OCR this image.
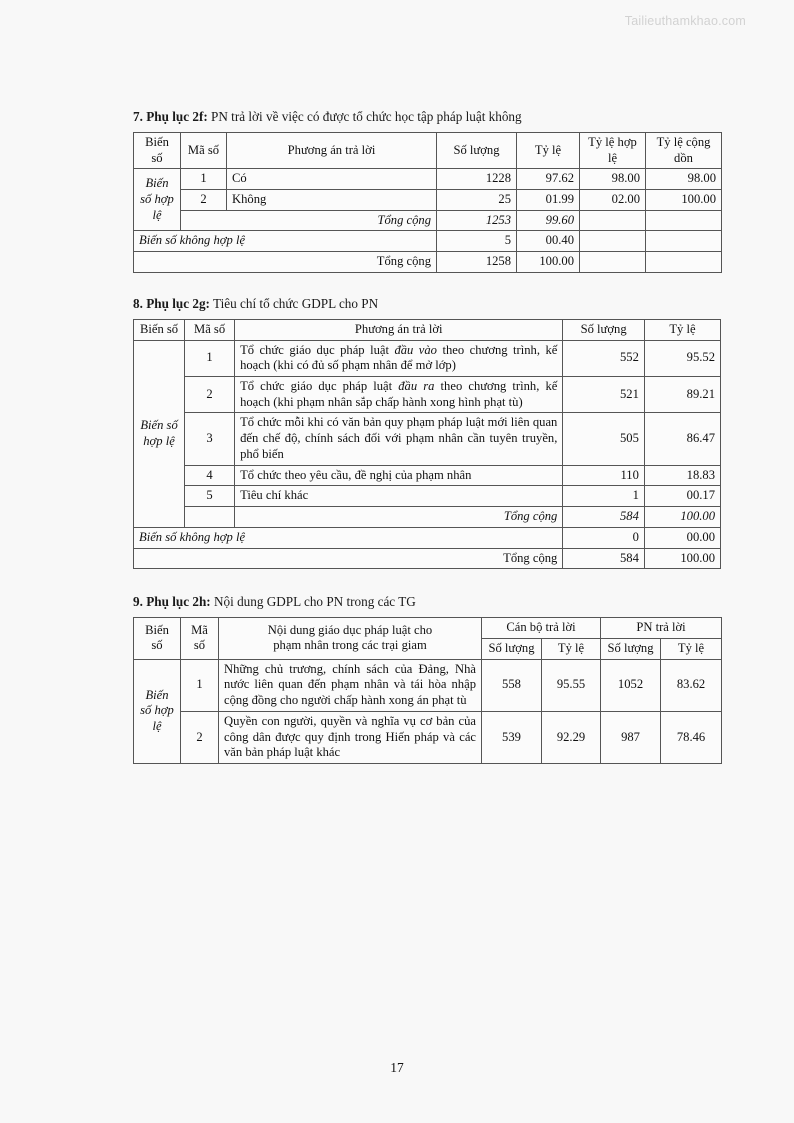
Tailieuthamkhao.com

7. Phụ lục 2f: PN trả lời về việc có được tổ chức học tập pháp luật không

Biến số	Mã số	Phương án trả lời	Số lượng	Tỷ lệ	Tỷ lệ hợp lệ	Tỷ lệ cộng dồn
Biến số hợp lệ	1	Có	1228	97.62	98.00	98.00
	2	Không	25	01.99	02.00	100.00
	Tổng cộng		1253	99.60		
Biến số không hợp lệ			5	00.40		
Tổng cộng			1258	100.00		

8. Phụ lục 2g: Tiêu chí tổ chức GDPL cho PN

Biến số	Mã số	Phương án trả lời	Số lượng	Tỷ lệ
Biến số hợp lệ	1	Tổ chức giáo dục pháp luật đầu vào theo chương trình, kế hoạch (khi có đủ số phạm nhân để mở lớp)	552	95.52
	2	Tổ chức giáo dục pháp luật đầu ra theo chương trình, kế hoạch (khi phạm nhân sắp chấp hành xong hình phạt tù)	521	89.21
	3	Tổ chức mỗi khi có văn bản quy phạm pháp luật mới liên quan đến chế độ, chính sách đối với phạm nhân cần tuyên truyền, phổ biến	505	86.47
	4	Tổ chức theo yêu cầu, đề nghị của phạm nhân	110	18.83
	5	Tiêu chí khác	1	00.17
		Tổng cộng	584	100.00
Biến số không hợp lệ			0	00.00
Tổng cộng			584	100.00

9. Phụ lục 2h: Nội dung GDPL cho PN trong các TG

Biến số	Mã số	Nội dung giáo dục pháp luật cho
phạm nhân trong các trại giam	Cán bộ trả lời		PN trả lời	
			Số lượng	Tỷ lệ	Số lượng	Tỷ lệ
Biến số hợp lệ	1	Những chủ trương, chính sách của Đảng, Nhà nước liên quan đến phạm nhân và tái hòa nhập cộng đồng cho người chấp hành xong án phạt tù	558	95.55	1052	83.62
	2	Quyền con người, quyền và nghĩa vụ cơ bản của công dân được quy định trong Hiến pháp và các văn bản pháp luật khác	539	92.29	987	78.46
17
